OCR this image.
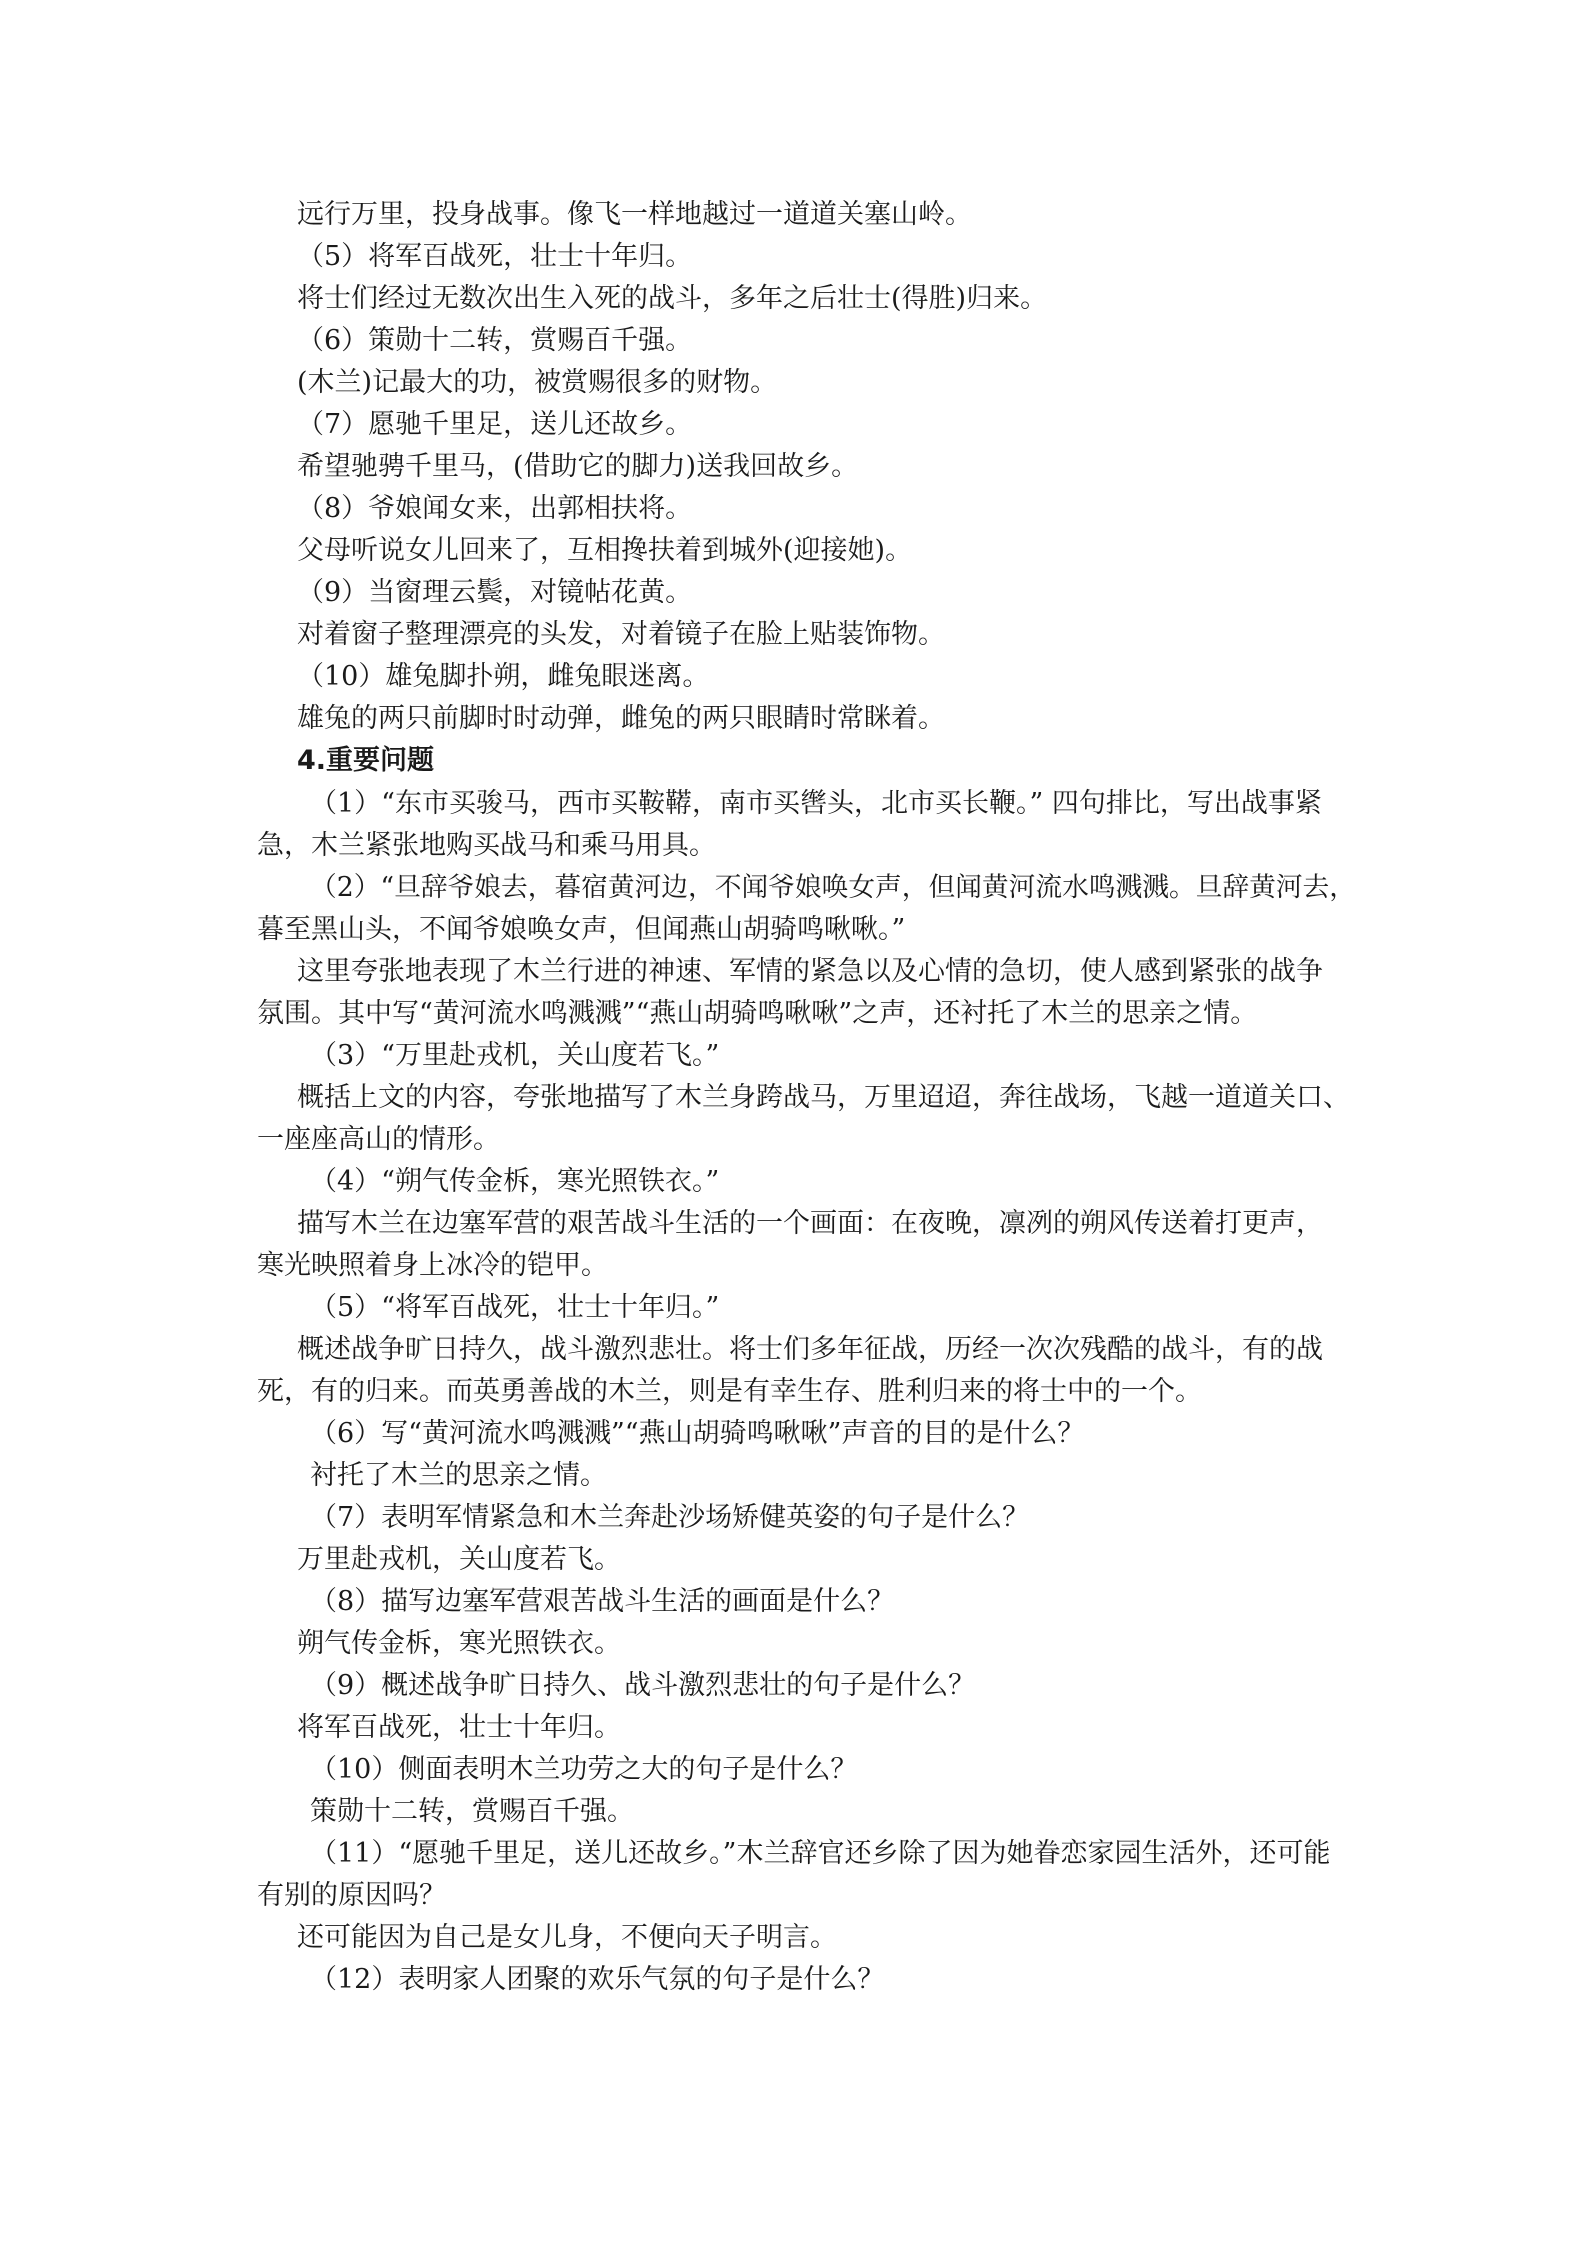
远行万里，投身战事。像飞一样地越过一道道关塞山岭。

（5）将军百战死，壮士十年归。

将士们经过无数次出生入死的战斗，多年之后壮士(得胜)归来。

（6）策勋十二转，赏赐百千强。

(木兰)记最大的功，被赏赐很多的财物。

（7）愿驰千里足，送儿还故乡。

希望驰骋千里马，(借助它的脚力)送我回故乡。

（8）爷娘闻女来，出郭相扶将。

父母听说女儿回来了，互相搀扶着到城外(迎接她)。

（9）当窗理云鬓，对镜帖花黄。

对着窗子整理漂亮的头发，对着镜子在脸上贴装饰物。

（10）雄兔脚扑朔，雌兔眼迷离。

雄兔的两只前脚时时动弹，雌兔的两只眼睛时常眯着。

4.重要问题

（1）“东市买骏马，西市买鞍鞯，南市买辔头，北市买长鞭。” 四句排比，写出战事紧

急，木兰紧张地购买战马和乘马用具。

（2）“旦辞爷娘去，暮宿黄河边，不闻爷娘唤女声，但闻黄河流水鸣溅溅。旦辞黄河去，

暮至黑山头，不闻爷娘唤女声，但闻燕山胡骑鸣啾啾。”

这里夸张地表现了木兰行进的神速、军情的紧急以及心情的急切，使人感到紧张的战争

氛围。其中写“黄河流水鸣溅溅”“燕山胡骑鸣啾啾”之声，还衬托了木兰的思亲之情。

（3）“万里赴戎机，关山度若飞。”

概括上文的内容，夸张地描写了木兰身跨战马，万里迢迢，奔往战场，飞越一道道关口、

一座座高山的情形。

（4）“朔气传金柝，寒光照铁衣。”

描写木兰在边塞军营的艰苦战斗生活的一个画面：在夜晚，凛冽的朔风传送着打更声，

寒光映照着身上冰冷的铠甲。

（5）“将军百战死，壮士十年归。”

概述战争旷日持久，战斗激烈悲壮。将士们多年征战，历经一次次残酷的战斗，有的战

死，有的归来。而英勇善战的木兰，则是有幸生存、胜利归来的将士中的一个。

（6）写“黄河流水鸣溅溅”“燕山胡骑鸣啾啾”声音的目的是什么？

衬托了木兰的思亲之情。

（7）表明军情紧急和木兰奔赴沙场矫健英姿的句子是什么？

万里赴戎机，关山度若飞。

（8）描写边塞军营艰苦战斗生活的画面是什么？

朔气传金柝，寒光照铁衣。

（9）概述战争旷日持久、战斗激烈悲壮的句子是什么？

将军百战死，壮士十年归。

（10）侧面表明木兰功劳之大的句子是什么？

策勋十二转，赏赐百千强。

（11）“愿驰千里足，送儿还故乡。”木兰辞官还乡除了因为她眷恋家园生活外，还可能

有别的原因吗？

还可能因为自己是女儿身，不便向天子明言。

（12）表明家人团聚的欢乐气氛的句子是什么？
